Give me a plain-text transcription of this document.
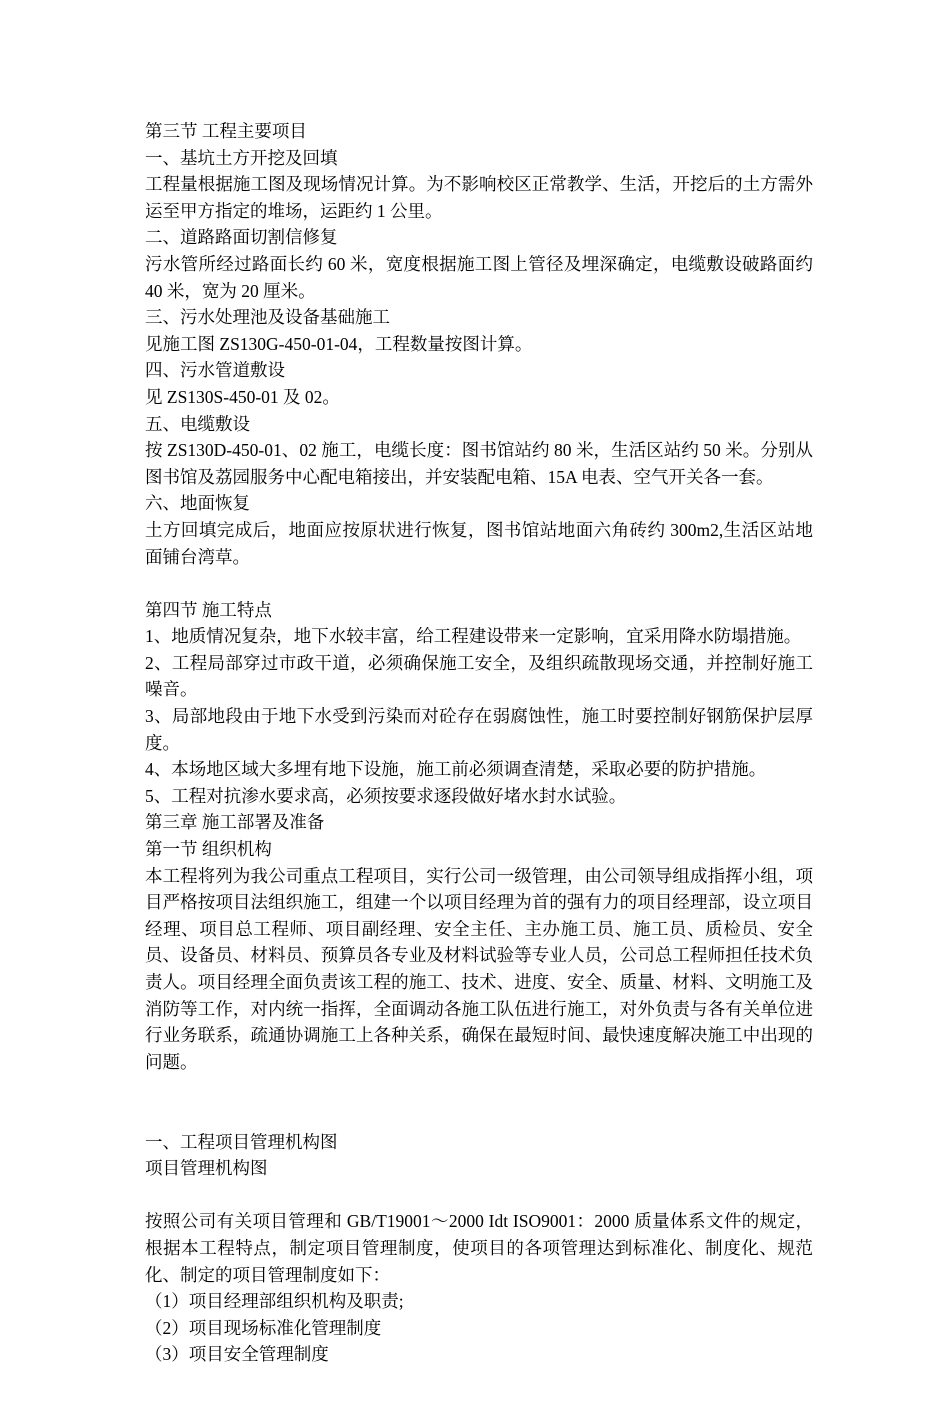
第三节 工程主要项目

一、基坑土方开挖及回填

工程量根据施工图及现场情况计算。为不影响校区正常教学、生活，开挖后的土方需外运至甲方指定的堆场，运距约 1 公里。

二、道路路面切割信修复

污水管所经过路面长约 60 米，宽度根据施工图上管径及埋深确定，电缆敷设破路面约 40 米，宽为 20 厘米。

三、污水处理池及设备基础施工

见施工图 ZS130G-450-01-04，工程数量按图计算。

四、污水管道敷设

见 ZS130S-450-01 及 02。

五、电缆敷设

按 ZS130D-450-01、02 施工，电缆长度：图书馆站约 80 米，生活区站约 50 米。分别从图书馆及荔园服务中心配电箱接出，并安装配电箱、15A 电表、空气开关各一套。

六、地面恢复

土方回填完成后，地面应按原状进行恢复，图书馆站地面六角砖约 300m2,生活区站地面铺台湾草。

第四节 施工特点

1、地质情况复杂，地下水较丰富，给工程建设带来一定影响，宜采用降水防塌措施。

2、工程局部穿过市政干道，必须确保施工安全，及组织疏散现场交通，并控制好施工噪音。

3、局部地段由于地下水受到污染而对砼存在弱腐蚀性，施工时要控制好钢筋保护层厚度。

4、本场地区域大多埋有地下设施，施工前必须调查清楚，采取必要的防护措施。

5、工程对抗渗水要求高，必须按要求逐段做好堵水封水试验。

第三章 施工部署及准备

第一节 组织机构

本工程将列为我公司重点工程项目，实行公司一级管理，由公司领导组成指挥小组，项目严格按项目法组织施工，组建一个以项目经理为首的强有力的项目经理部，设立项目经理、项目总工程师、项目副经理、安全主任、主办施工员、施工员、质检员、安全员、设备员、材料员、预算员各专业及材料试验等专业人员，公司总工程师担任技术负责人。项目经理全面负责该工程的施工、技术、进度、安全、质量、材料、文明施工及消防等工作，对内统一指挥，全面调动各施工队伍进行施工，对外负责与各有关单位进行业务联系，疏通协调施工上各种关系，确保在最短时间、最快速度解决施工中出现的问题。

一、工程项目管理机构图

项目管理机构图

按照公司有关项目管理和 GB/T19001～2000 Idt ISO9001：2000 质量体系文件的规定，根据本工程特点，制定项目管理制度，使项目的各项管理达到标准化、制度化、规范化、制定的项目管理制度如下：

（1）项目经理部组织机构及职责;

（2）项目现场标准化管理制度

（3）项目安全管理制度
